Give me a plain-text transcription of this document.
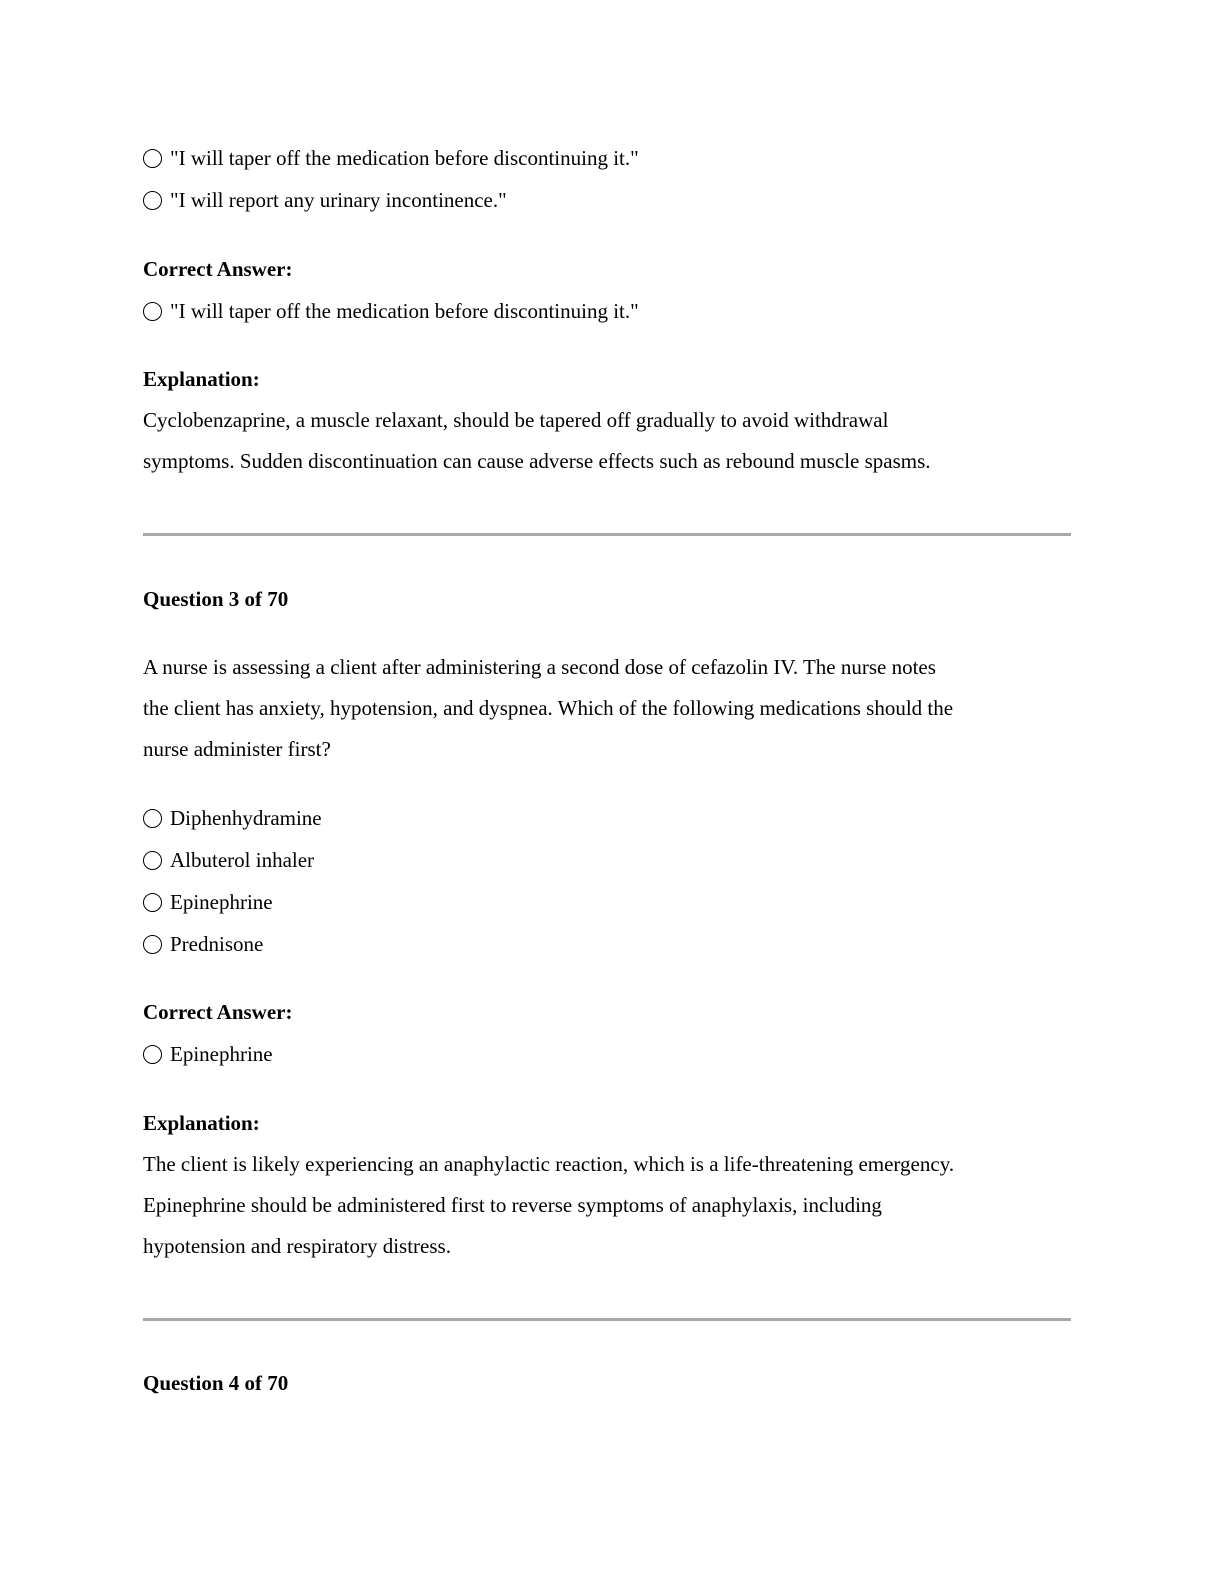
"I will taper off the medication before discontinuing it."
"I will report any urinary incontinence."
Correct Answer:
"I will taper off the medication before discontinuing it."
Explanation:
Cyclobenzaprine, a muscle relaxant, should be tapered off gradually to avoid withdrawal
symptoms. Sudden discontinuation can cause adverse effects such as rebound muscle spasms.
Question 3 of 70
A nurse is assessing a client after administering a second dose of cefazolin IV. The nurse notes
the client has anxiety, hypotension, and dyspnea. Which of the following medications should the
nurse administer first?
Diphenhydramine
Albuterol inhaler
Epinephrine
Prednisone
Correct Answer:
Epinephrine
Explanation:
The client is likely experiencing an anaphylactic reaction, which is a life-threatening emergency.
Epinephrine should be administered first to reverse symptoms of anaphylaxis, including
hypotension and respiratory distress.
Question 4 of 70
